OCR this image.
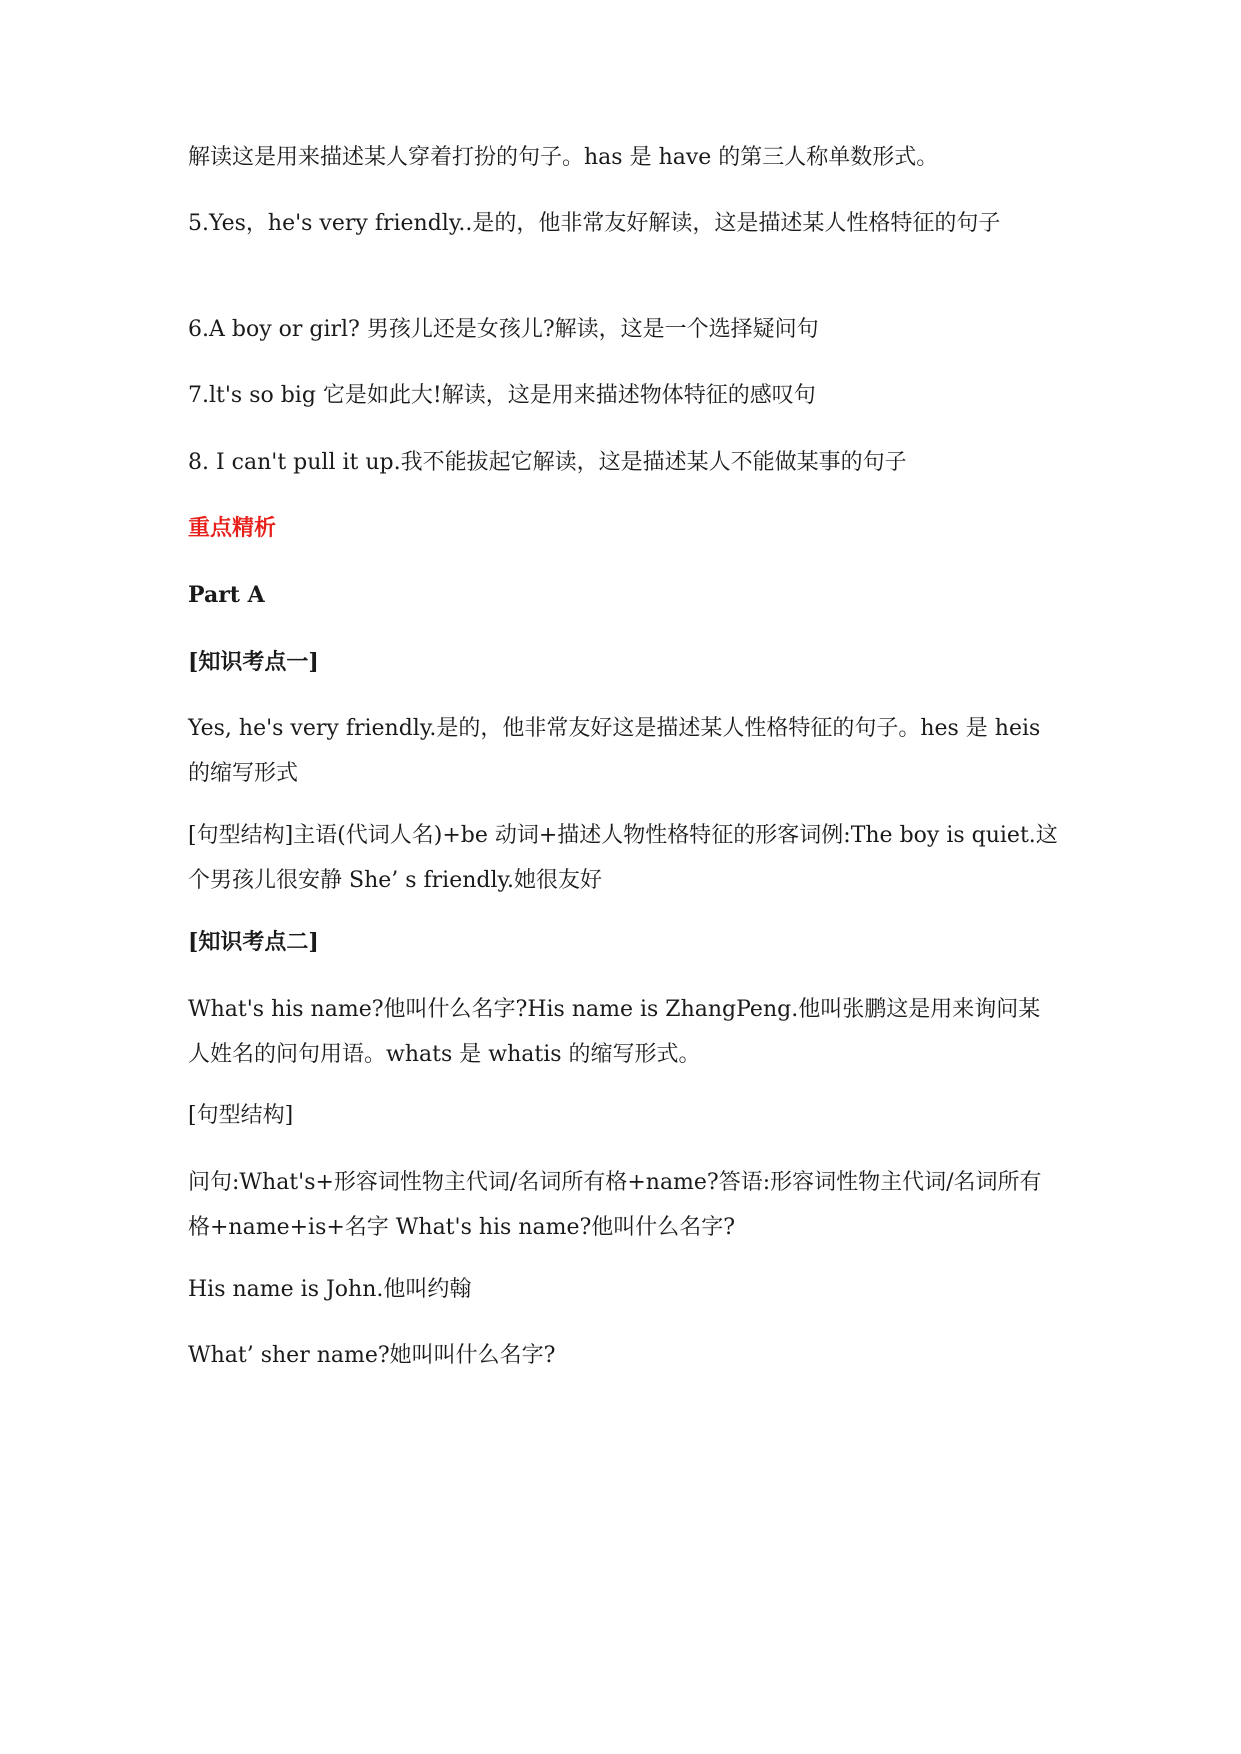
解读这是用来描述某人穿着打扮的句子。has 是 have 的第三人称单数形式。

5.Yes，he's very friendly..是的，他非常友好解读，这是描述某人性格特征的句子

6.A boy or girl? 男孩儿还是女孩儿?解读，这是一个选择疑问句

7.lt's so big 它是如此大!解读，这是用来描述物体特征的感叹句

8. I can't pull it up.我不能拔起它解读，这是描述某人不能做某事的句子

重点精析

Part A

[知识考点一]

Yes, he's very friendly.是的，他非常友好这是描述某人性格特征的句子。hes 是 heis 的缩写形式

[句型结构]主语(代词人名)+be 动词+描述人物性格特征的形客词例:The boy is quiet.这个男孩儿很安静 She’ s friendly.她很友好

[知识考点二]

What's his name?他叫什么名字?His name is ZhangPeng.他叫张鹏这是用来询问某人姓名的问句用语。whats 是 whatis 的缩写形式。

[句型结构]

问句:What's+形容词性物主代词/名词所有格+name?答语:形容词性物主代词/名词所有格+name+is+名字 What's his name?他叫什么名字?

His name is John.他叫约翰

What’ sher name?她叫叫什么名字?
